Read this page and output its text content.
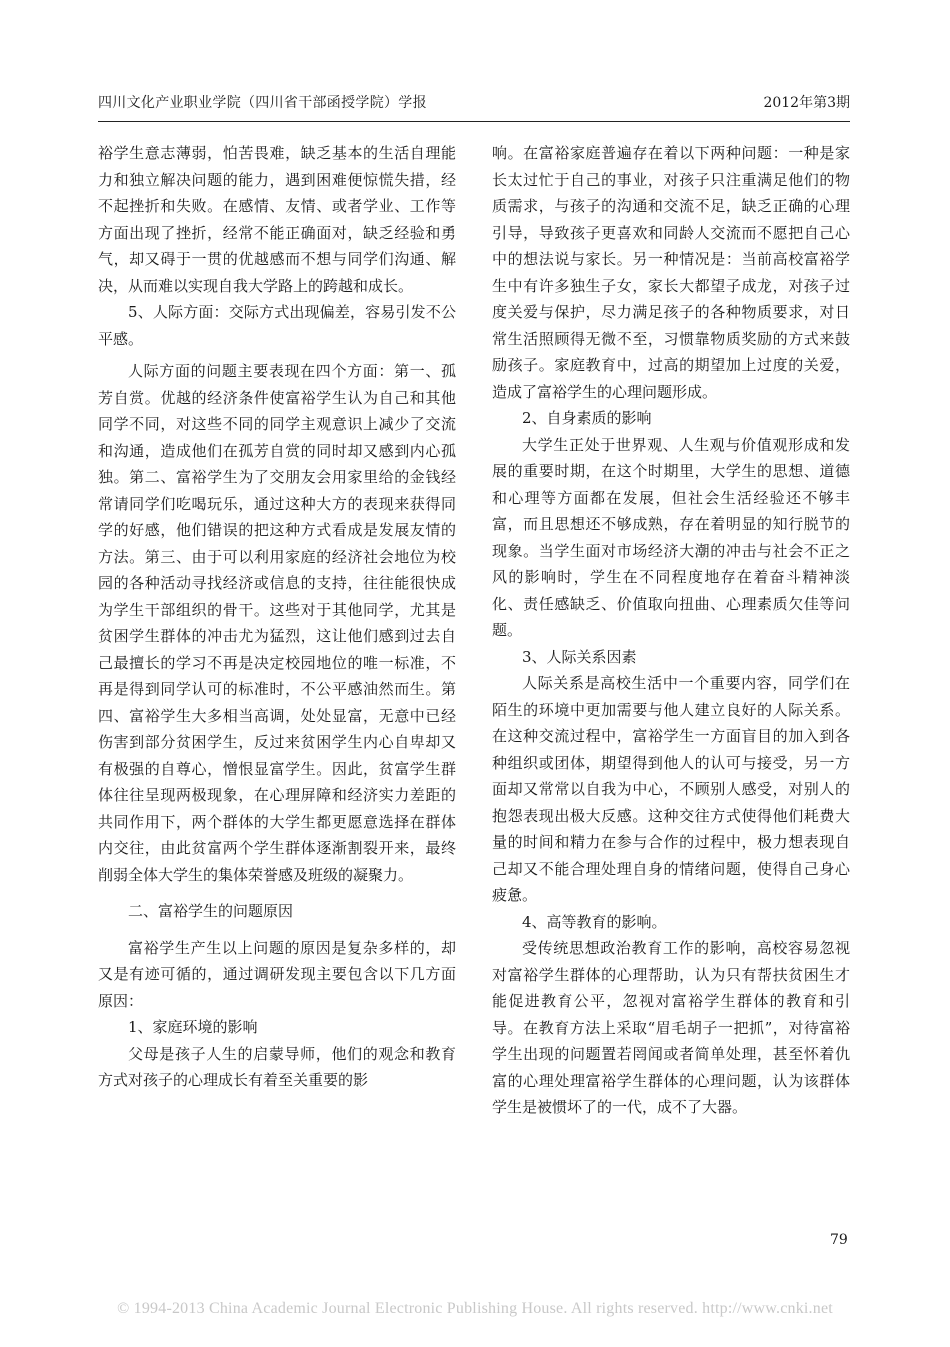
四川文化产业职业学院（四川省干部函授学院）学报	2012年第3期

裕学生意志薄弱，怕苦畏难，缺乏基本的生活自理能力和独立解决问题的能力，遇到困难便惊慌失措，经不起挫折和失败。在感情、友情、或者学业、工作等方面出现了挫折，经常不能正确面对，缺乏经验和勇气，却又碍于一贯的优越感而不想与同学们沟通、解决，从而难以实现自我大学路上的跨越和成长。

5、人际方面：交际方式出现偏差，容易引发不公平感。

人际方面的问题主要表现在四个方面：第一、孤芳自赏。优越的经济条件使富裕学生认为自己和其他同学不同，对这些不同的同学主观意识上减少了交流和沟通，造成他们在孤芳自赏的同时却又感到内心孤独。第二、富裕学生为了交朋友会用家里给的金钱经常请同学们吃喝玩乐，通过这种大方的表现来获得同学的好感，他们错误的把这种方式看成是发展友情的方法。第三、由于可以利用家庭的经济社会地位为校园的各种活动寻找经济或信息的支持，往往能很快成为学生干部组织的骨干。这些对于其他同学，尤其是贫困学生群体的冲击尤为猛烈，这让他们感到过去自己最擅长的学习不再是决定校园地位的唯一标准，不再是得到同学认可的标准时，不公平感油然而生。第四、富裕学生大多相当高调，处处显富，无意中已经伤害到部分贫困学生，反过来贫困学生内心自卑却又有极强的自尊心，憎恨显富学生。因此，贫富学生群体往往呈现两极现象，在心理屏障和经济实力差距的共同作用下，两个群体的大学生都更愿意选择在群体内交往，由此贫富两个学生群体逐渐割裂开来，最终削弱全体大学生的集体荣誉感及班级的凝聚力。

二、富裕学生的问题原因

富裕学生产生以上问题的原因是复杂多样的，却又是有迹可循的，通过调研发现主要包含以下几方面原因：

1、家庭环境的影响

父母是孩子人生的启蒙导师，他们的观念和教育方式对孩子的心理成长有着至关重要的影

响。在富裕家庭普遍存在着以下两种问题：一种是家长太过忙于自己的事业，对孩子只注重满足他们的物质需求，与孩子的沟通和交流不足，缺乏正确的心理引导，导致孩子更喜欢和同龄人交流而不愿把自己心中的想法说与家长。另一种情况是：当前高校富裕学生中有许多独生子女，家长大都望子成龙，对孩子过度关爱与保护，尽力满足孩子的各种物质要求，对日常生活照顾得无微不至，习惯靠物质奖励的方式来鼓励孩子。家庭教育中，过高的期望加上过度的关爱，造成了富裕学生的心理问题形成。

2、自身素质的影响

大学生正处于世界观、人生观与价值观形成和发展的重要时期，在这个时期里，大学生的思想、道德和心理等方面都在发展，但社会生活经验还不够丰富，而且思想还不够成熟，存在着明显的知行脱节的现象。当学生面对市场经济大潮的冲击与社会不正之风的影响时，学生在不同程度地存在着奋斗精神淡化、责任感缺乏、价值取向扭曲、心理素质欠佳等问题。

3、人际关系因素

人际关系是高校生活中一个重要内容，同学们在陌生的环境中更加需要与他人建立良好的人际关系。在这种交流过程中，富裕学生一方面盲目的加入到各种组织或团体，期望得到他人的认可与接受，另一方面却又常常以自我为中心，不顾别人感受，对别人的抱怨表现出极大反感。这种交往方式使得他们耗费大量的时间和精力在参与合作的过程中，极力想表现自己却又不能合理处理自身的情绪问题，使得自己身心疲惫。

4、高等教育的影响。

受传统思想政治教育工作的影响，高校容易忽视对富裕学生群体的心理帮助，认为只有帮扶贫困生才能促进教育公平，忽视对富裕学生群体的教育和引导。在教育方法上采取“眉毛胡子一把抓”，对待富裕学生出现的问题置若罔闻或者简单处理，甚至怀着仇富的心理处理富裕学生群体的心理问题，认为该群体学生是被惯坏了的一代，成不了大器。

79
© 1994-2013 China Academic Journal Electronic Publishing House. All rights reserved. http://www.cnki.net
